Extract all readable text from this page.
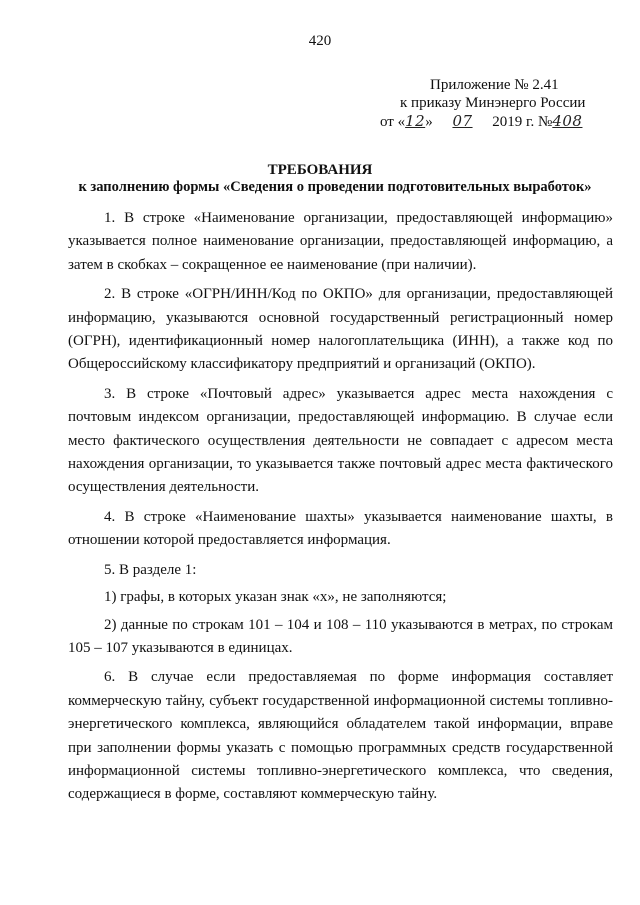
420
Приложение № 2.41
к приказу Минэнерго России
от «12» 07 2019 г. №408
ТРЕБОВАНИЯ
к заполнению формы «Сведения о проведении подготовительных выработок»

1. В строке «Наименование организации, предоставляющей информацию» указывается полное наименование организации, предоставляющей информацию, а затем в скобках – сокращенное ее наименование (при наличии).

2. В строке «ОГРН/ИНН/Код по ОКПО» для организации, предоставляющей информацию, указываются основной государственный регистрационный номер (ОГРН), идентификационный номер налогоплательщика (ИНН), а также код по Общероссийскому классификатору предприятий и организаций (ОКПО).

3. В строке «Почтовый адрес» указывается адрес места нахождения с почтовым индексом организации, предоставляющей информацию. В случае если место фактического осуществления деятельности не совпадает с адресом места нахождения организации, то указывается также почтовый адрес места фактического осуществления деятельности.

4. В строке «Наименование шахты» указывается наименование шахты, в отношении которой предоставляется информация.

5. В разделе 1:

1) графы, в которых указан знак «х», не заполняются;

2) данные по строкам 101 – 104 и 108 – 110 указываются в метрах, по строкам 105 – 107 указываются в единицах.

6. В случае если предоставляемая по форме информация составляет коммерческую тайну, субъект государственной информационной системы топливно-энергетического комплекса, являющийся обладателем такой информации, вправе при заполнении формы указать с помощью программных средств государственной информационной системы топливно-энергетического комплекса, что сведения, содержащиеся в форме, составляют коммерческую тайну.
